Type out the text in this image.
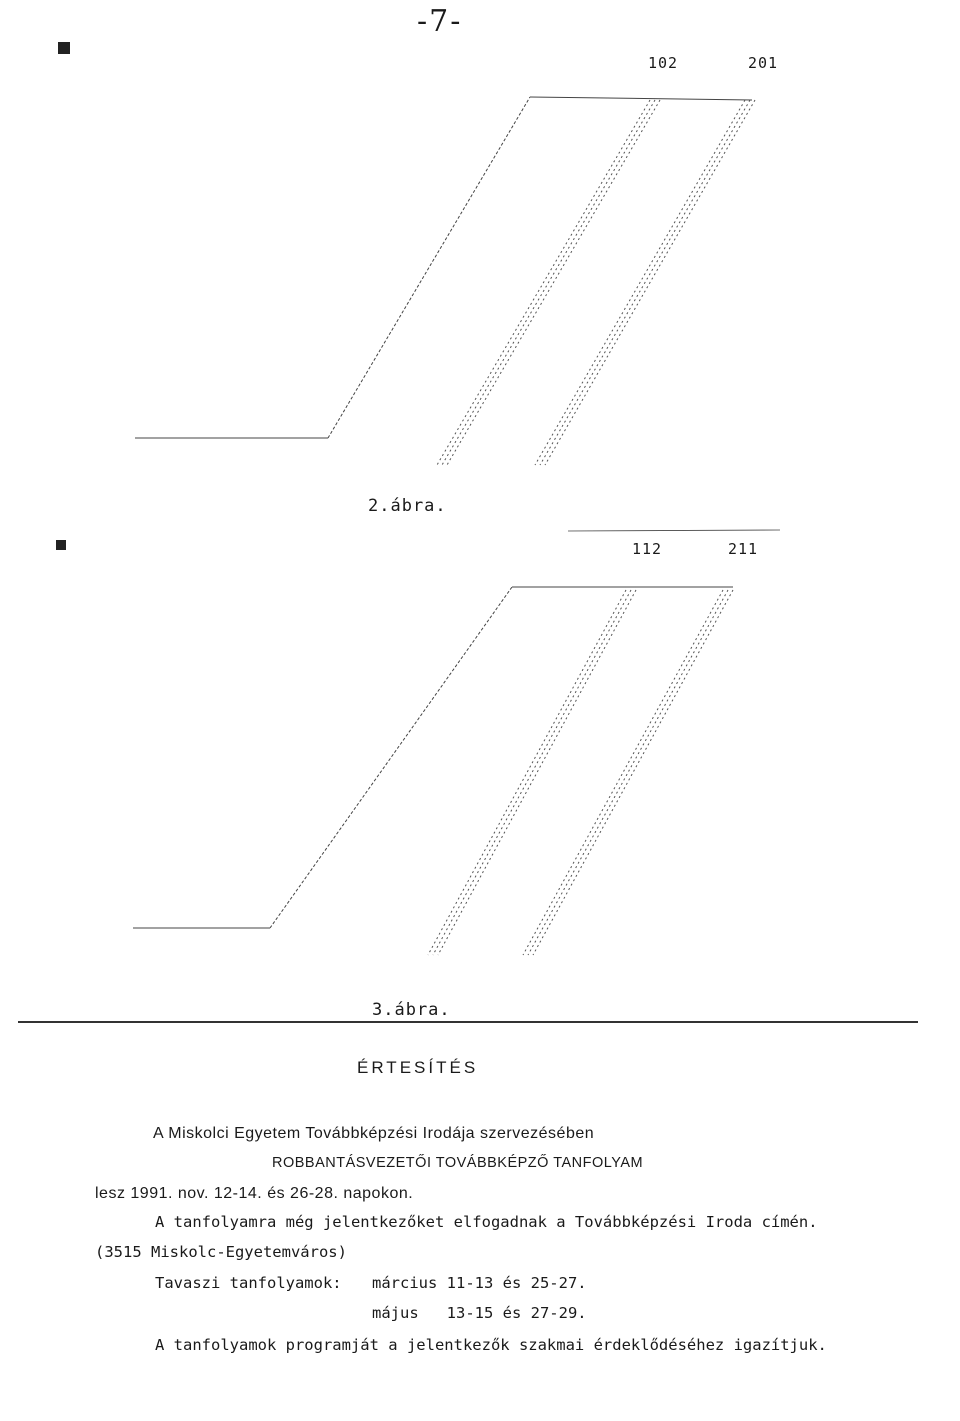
-7-
102	201
2.ábra.
112	211
3.ábra.
ÉRTESÍTÉS
A Miskolci Egyetem Továbbképzési Irodája szervezésében
ROBBANTÁSVEZETŐI TOVÁBBKÉPZŐ TANFOLYAM
lesz 1991. nov. 12-14. és 26-28. napokon.
A tanfolyamra még jelentkezőket elfogadnak a Továbbképzési Iroda címén.
(3515 Miskolc-Egyetemváros)
Tavaszi tanfolyamok: március 11-13 és 25-27.
május   13-15 és 27-29.
A tanfolyamok programját a jelentkezők szakmai érdeklődéséhez igazítjuk.
